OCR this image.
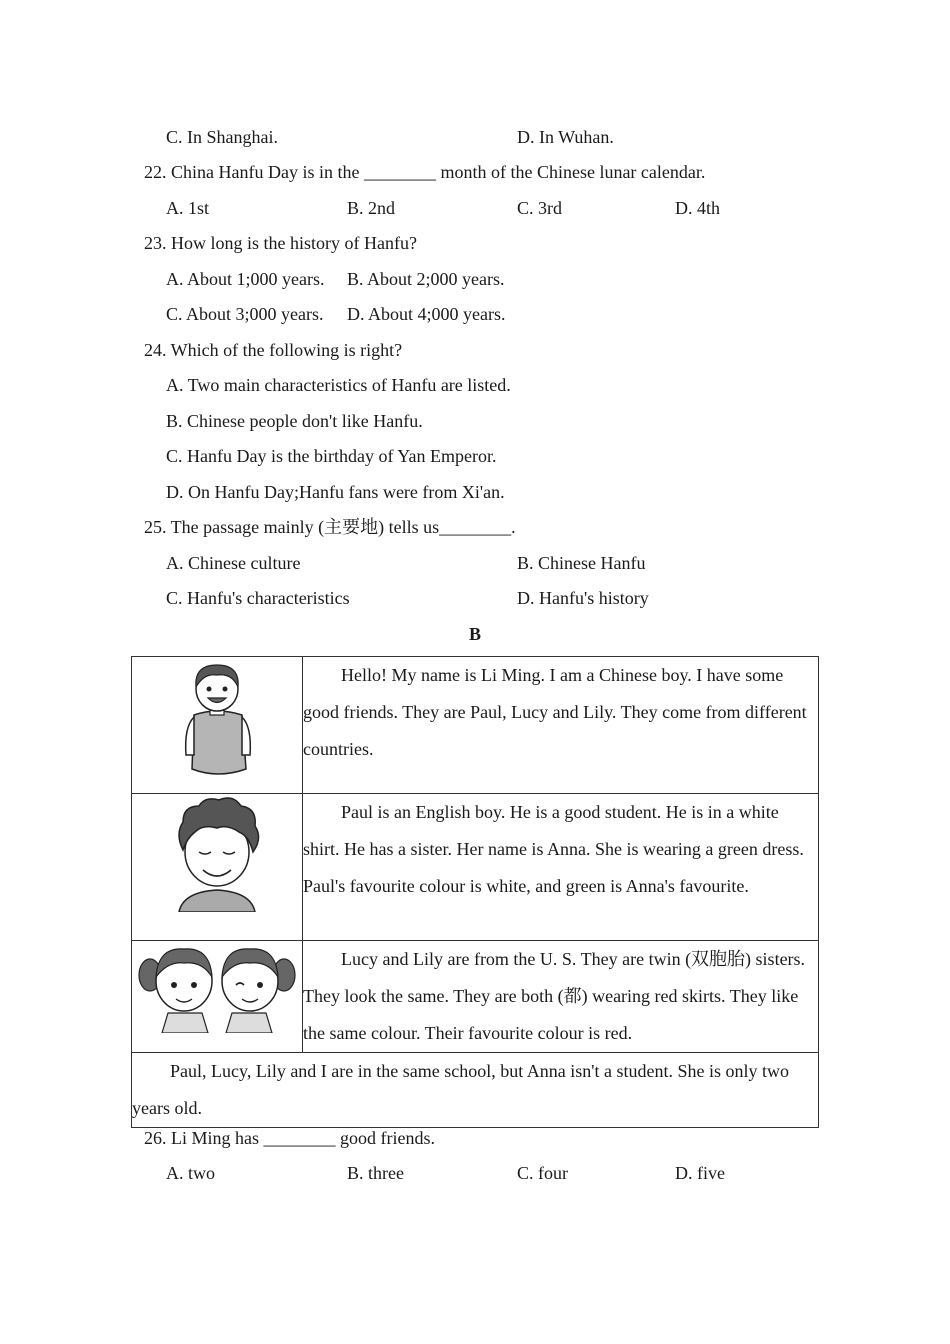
C. In Shanghai.	D. In Wuhan.
22. China Hanfu Day is in the ________ month of the Chinese lunar calendar.
A. 1st	B. 2nd	C. 3rd	D. 4th
23. How long is the history of Hanfu?
A. About 1;000 years. B. About 2;000 years.
C. About 3;000 years. D. About 4;000 years.
24. Which of the following is right?
A. Two main characteristics of Hanfu are listed.
B. Chinese people don't like Hanfu.
C. Hanfu Day is the birthday of Yan Emperor.
D. On Hanfu Day;Hanfu fans were from Xi'an.
25. The passage mainly (主要地) tells us________.
A. Chinese culture	B. Chinese Hanfu
C. Hanfu's characteristics	D. Hanfu's history
B

Hello! My name is Li Ming. I am a Chinese boy. I have some good friends. They are Paul, Lucy and Lily. They come from different countries.

Paul is an English boy. He is a good student. He is in a white shirt. He has a sister. Her name is Anna. She is wearing a green dress. Paul's favourite colour is white, and green is Anna's favourite.

Lucy and Lily are from the U. S. They are twin (双胞胎) sisters. They look the same. They are both (都) wearing red skirts. They like the same colour. Their favourite colour is red.

Paul, Lucy, Lily and I are in the same school, but Anna isn't a student. She is only two years old.	

26. Li Ming has ________ good friends.
A. two	B. three	C. four	D. five
